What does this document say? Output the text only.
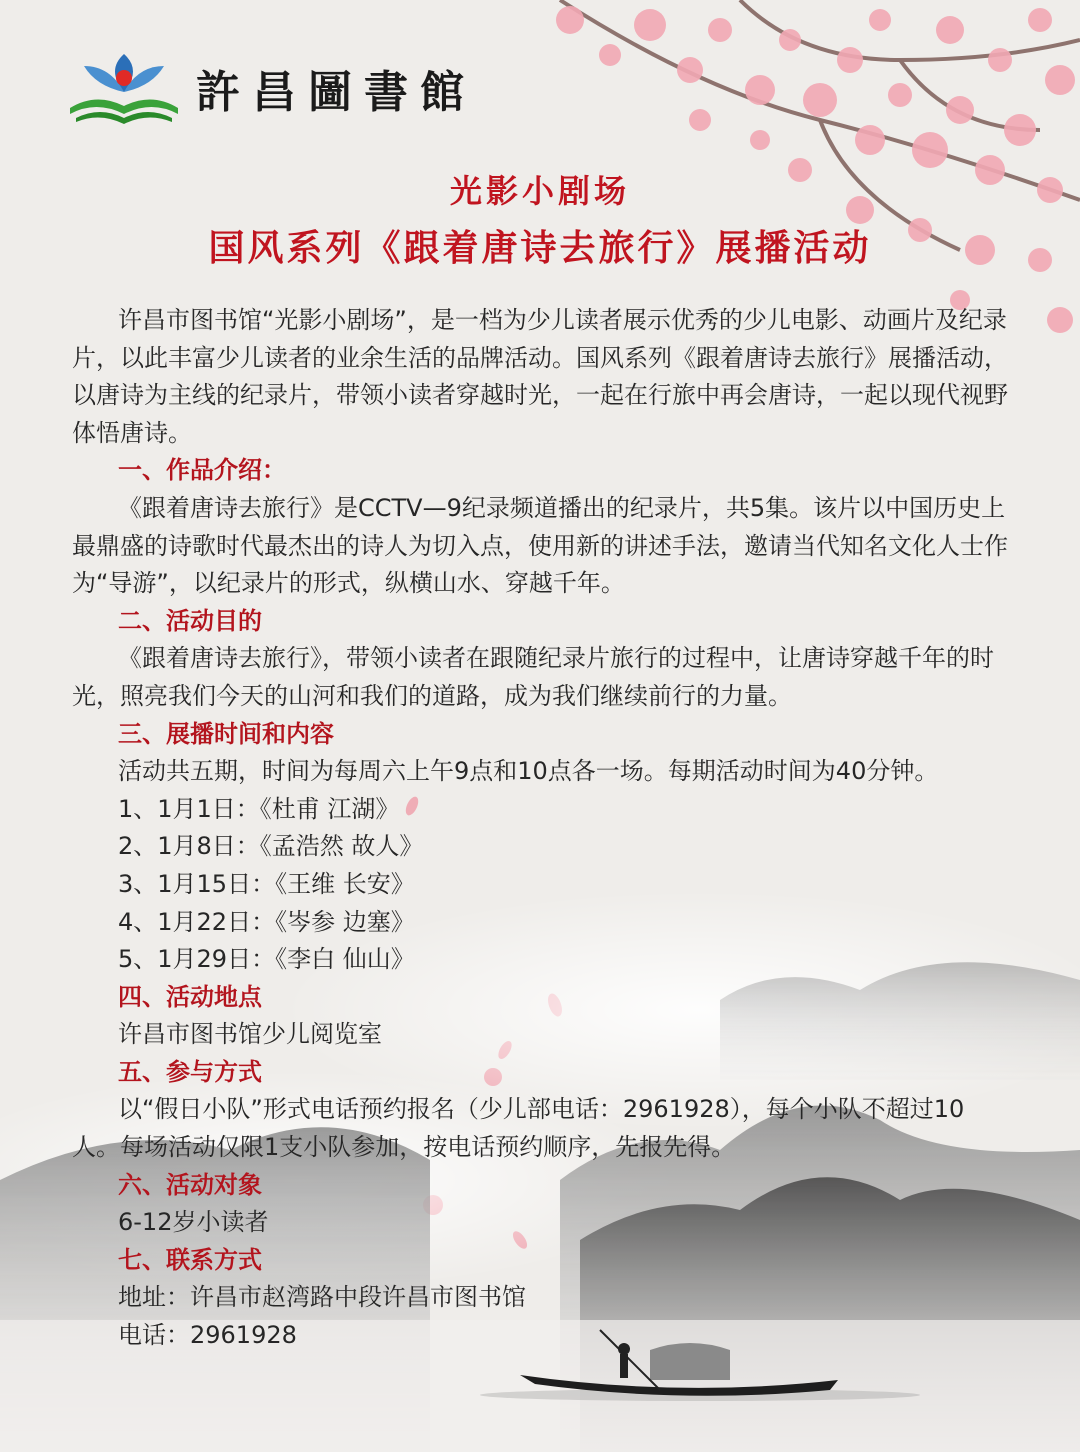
許昌圖書館
光影小剧场
国风系列《跟着唐诗去旅行》展播活动

许昌市图书馆“光影小剧场”，是一档为少儿读者展示优秀的少儿电影、动画片及纪录片，以此丰富少儿读者的业余生活的品牌活动。国风系列《跟着唐诗去旅行》展播活动，以唐诗为主线的纪录片，带领小读者穿越时光，一起在行旅中再会唐诗，一起以现代视野体悟唐诗。

一、作品介绍：

《跟着唐诗去旅行》是CCTV—9纪录频道播出的纪录片，共5集。该片以中国历史上最鼎盛的诗歌时代最杰出的诗人为切入点，使用新的讲述手法，邀请当代知名文化人士作为“导游”，以纪录片的形式，纵横山水、穿越千年。

二、活动目的

《跟着唐诗去旅行》，带领小读者在跟随纪录片旅行的过程中，让唐诗穿越千年的时光，照亮我们今天的山河和我们的道路，成为我们继续前行的力量。

三、展播时间和内容

活动共五期，时间为每周六上午9点和10点各一场。每期活动时间为40分钟。

1、1月1日：《杜甫 江湖》

2、1月8日：《孟浩然 故人》

3、1月15日：《王维 长安》

4、1月22日：《岑参 边塞》

5、1月29日：《李白 仙山》

四、活动地点

许昌市图书馆少儿阅览室

五、参与方式

以“假日小队”形式电话预约报名（少儿部电话：2961928），每个小队不超过10人。每场活动仅限1支小队参加，按电话预约顺序，先报先得。

六、活动对象

6-12岁小读者

七、联系方式

地址：许昌市赵湾路中段许昌市图书馆

电话：2961928
